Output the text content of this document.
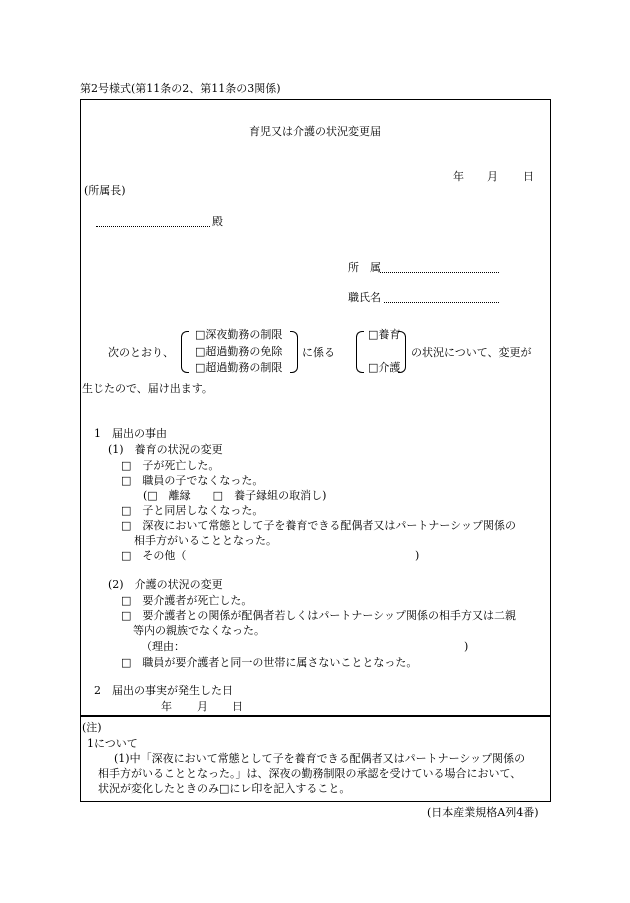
第2号様式(第11条の2、第11条の3関係)
育児又は介護の状況変更届
年 月 日
(所属長)
殿
所　属
職氏名
次のとおり、
□深夜勤務の制限
□超過勤務の免除
□超過勤務の制限
に係る
□養育
□介護
の状況について、変更が
生じたので、届け出ます。
1　届出の事由
(1)　養育の状況の変更
□　子が死亡した。
□　職員の子でなくなった。
(□　離縁　　□　養子縁組の取消し)
□　子と同居しなくなった。
□　深夜において常態として子を養育できる配偶者又はパートナーシップ関係の
相手方がいることとなった。
□　その他（	)
(2)　介護の状況の変更
□　要介護者が死亡した。
□　要介護者との関係が配偶者若しくはパートナーシップ関係の相手方又は二親
等内の親族でなくなった。
（理由：	)
□　職員が要介護者と同一の世帯に属さないこととなった。
2　届出の事実が発生した日
年 月 日
(注)
1について
(1)中「深夜において常態として子を養育できる配偶者又はパートナーシップ関係の
相手方がいることとなった。」は、深夜の勤務制限の承認を受けている場合において、
状況が変化したときのみ□にレ印を記入すること。
(日本産業規格A列4番)
